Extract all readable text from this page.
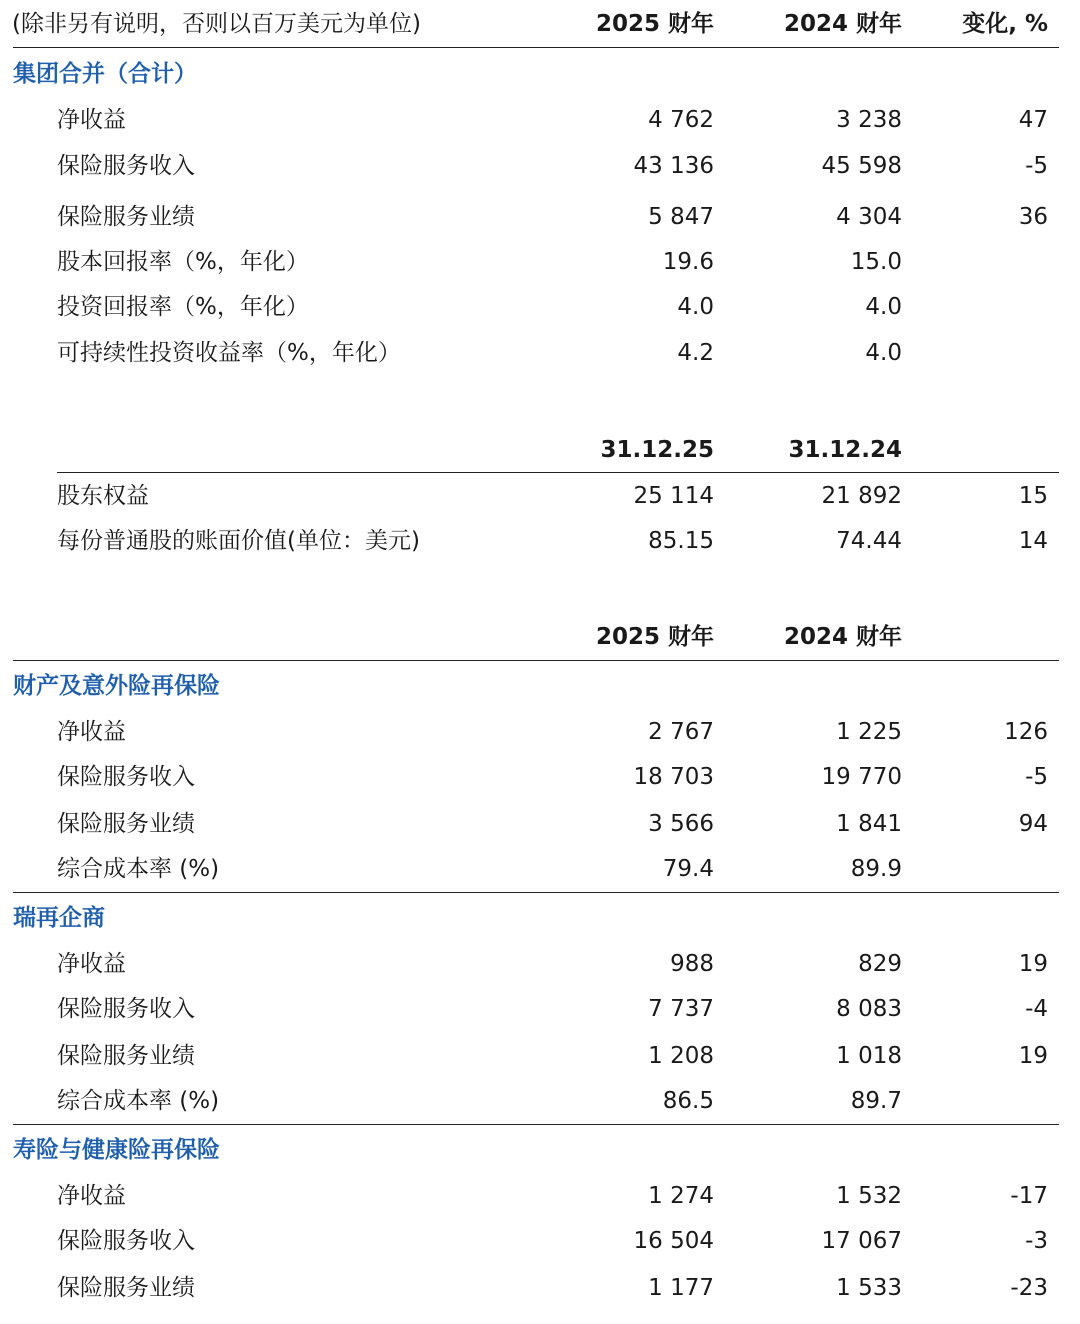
(除非另有说明，否则以百万美元为单位)	2025 财年	2024 财年	变化, %
集团合并（合计）
净收益	4 762	3 238	47
保险服务收入	43 136	45 598	-5
保险服务业绩	5 847	4 304	36
股本回报率（%，年化）	19.6	15.0
投资回报率（%，年化）	4.0	4.0
可持续性投资收益率（%，年化）	4.2	4.0
31.12.25	31.12.24
股东权益	25 114	21 892	15
每份普通股的账面价值(单位：美元)	85.15	74.44	14
2025 财年	2024 财年
财产及意外险再保险
净收益	2 767	1 225	126
保险服务收入	18 703	19 770	-5
保险服务业绩	3 566	1 841	94
综合成本率 (%)	79.4	89.9
瑞再企商
净收益	988	829	19
保险服务收入	7 737	8 083	-4
保险服务业绩	1 208	1 018	19
综合成本率 (%)	86.5	89.7
寿险与健康险再保险
净收益	1 274	1 532	-17
保险服务收入	16 504	17 067	-3
保险服务业绩	1 177	1 533	-23
